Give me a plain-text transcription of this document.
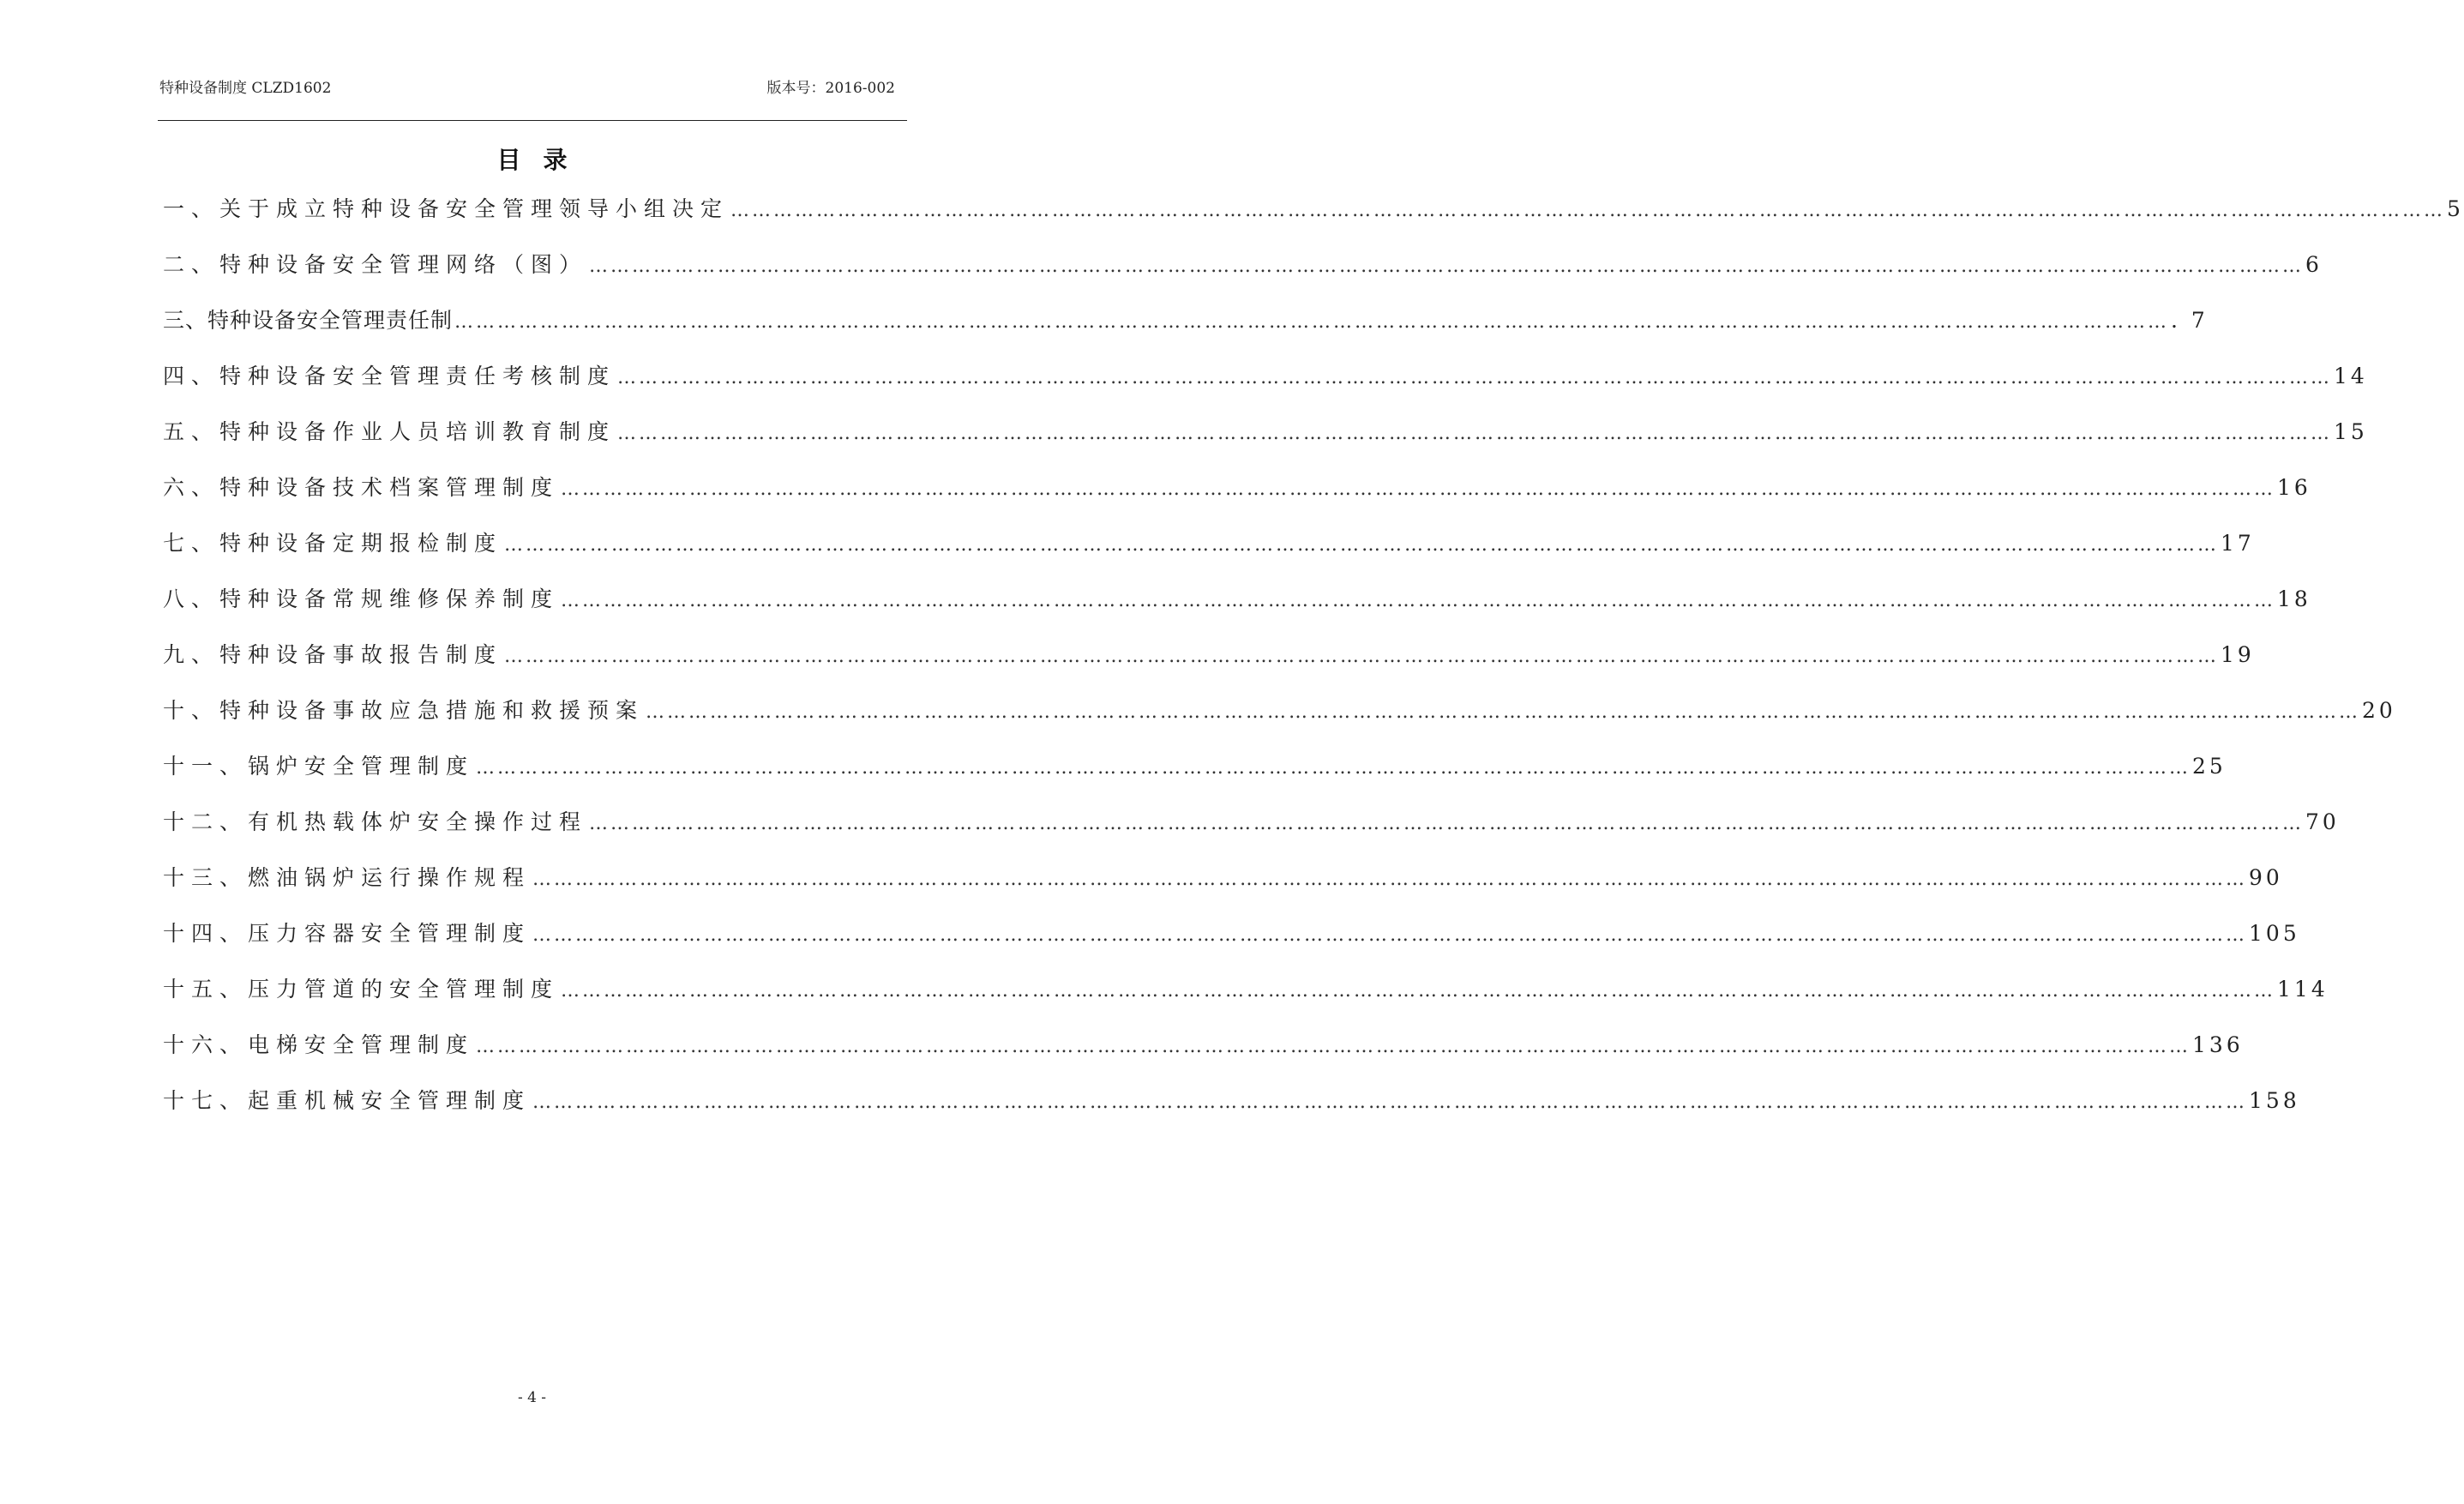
特种设备制度 CLZD1602	版本号：2016-002
目录
一、关于成立特种设备安全管理领导小组决定 …………………………………………………………………………………………………………………………………………………………………………………………………………………… 5
二、特种设备安全管理网络（图） …………………………………………………………………………………………………………………………………………………………………………………………………………………… 6
三、特种设备安全管理责任制 …………………………………………………………………………………………………………………………………………………………………………………………………………………… . 7
四、特种设备安全管理责任考核制度 …………………………………………………………………………………………………………………………………………………………………………………………………………………… 14
五、特种设备作业人员培训教育制度 …………………………………………………………………………………………………………………………………………………………………………………………………………………… 15
六、特种设备技术档案管理制度 …………………………………………………………………………………………………………………………………………………………………………………………………………………… 16
七、特种设备定期报检制度 …………………………………………………………………………………………………………………………………………………………………………………………………………………… 17
八、特种设备常规维修保养制度 …………………………………………………………………………………………………………………………………………………………………………………………………………………… 18
九、特种设备事故报告制度 …………………………………………………………………………………………………………………………………………………………………………………………………………………… 19
十、特种设备事故应急措施和救援预案 …………………………………………………………………………………………………………………………………………………………………………………………………………………… 20
十一、锅炉安全管理制度 …………………………………………………………………………………………………………………………………………………………………………………………………………………… 25
十二、有机热载体炉安全操作过程 …………………………………………………………………………………………………………………………………………………………………………………………………………………… 70
十三、燃油锅炉运行操作规程 …………………………………………………………………………………………………………………………………………………………………………………………………………………… 90
十四、压力容器安全管理制度 …………………………………………………………………………………………………………………………………………………………………………………………………………………… 105
十五、压力管道的安全管理制度 …………………………………………………………………………………………………………………………………………………………………………………………………………………… 114
十六、电梯安全管理制度 …………………………………………………………………………………………………………………………………………………………………………………………………………………… 136
十七、起重机械安全管理制度 …………………………………………………………………………………………………………………………………………………………………………………………………………………… 158
- 4 -
